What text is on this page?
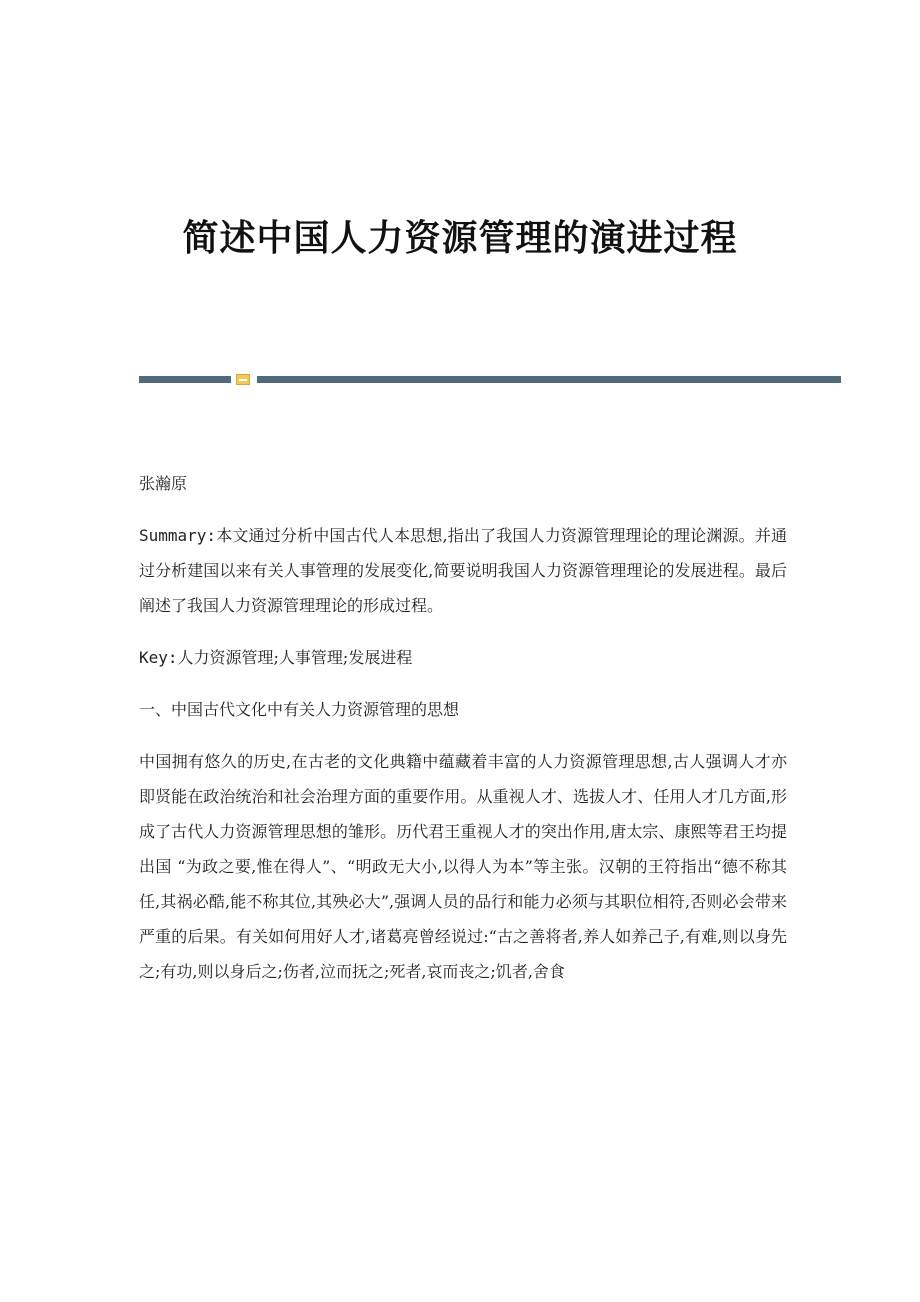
简述中国人力资源管理的演进过程

张瀚原

Summary:本文通过分析中国古代人本思想,指出了我国人力资源管理理论的理论渊源。并通过分析建国以来有关人事管理的发展变化,简要说明我国人力资源管理理论的发展进程。最后阐述了我国人力资源管理理论的形成过程。

Key:人力资源管理;人事管理;发展进程

一、中国古代文化中有关人力资源管理的思想

中国拥有悠久的历史,在古老的文化典籍中蕴藏着丰富的人力资源管理思想,古人强调人才亦即贤能在政治统治和社会治理方面的重要作用。从重视人才、选拔人才、任用人才几方面,形成了古代人力资源管理思想的雏形。历代君王重视人才的突出作用,唐太宗、康熙等君王均提出国 “为政之要,惟在得人”、“明政无大小,以得人为本”等主张。汉朝的王符指出“德不称其任,其祸必酷,能不称其位,其殃必大”,强调人员的品行和能力必须与其职位相符,否则必会带来严重的后果。有关如何用好人才,诸葛亮曾经说过:“古之善将者,养人如养己子,有难,则以身先之;有功,则以身后之;伤者,泣而抚之;死者,哀而丧之;饥者,舍食
